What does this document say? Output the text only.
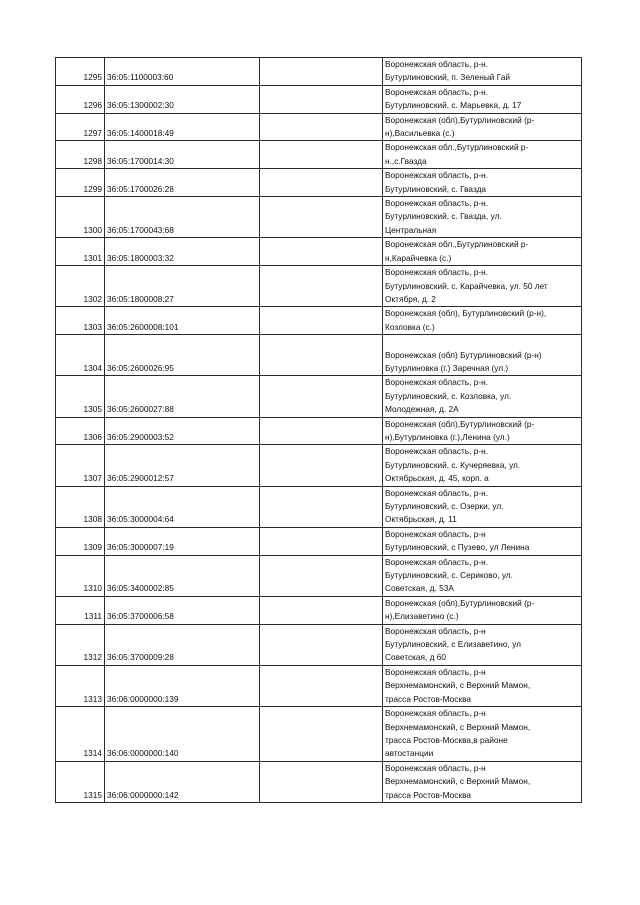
1295	36:05:1100003:60		Воронежская область, р-н.
Бутурлиновский, п. Зеленый Гай
1296	36:05:1300002:30		Воронежская область, р-н.
Бутурлиновский, с. Марьевка, д. 17
1297	36:05:1400018:49		Воронежская (обл),Бутурлиновский (р-
н),Васильевка (с.)
1298	36:05:1700014:30		Воронежская обл.,Бутурлиновский р-
н.,с.Гвазда
1299	36:05:1700026:28		Воронежская область, р-н.
Бутурлиновский, с. Гвазда
1300	36:05:1700043:68		Воронежская область, р-н.
Бутурлиновский, с. Гвазда, ул.
Центральная
1301	36:05:1800003:32		Воронежская обл.,Бутурлиновский р-
н,Карайчевка (с.)
1302	36:05:1800008:27		Воронежская область, р-н.
Бутурлиновский, с. Карайчевка, ул. 50 лет
Октября, д. 2
1303	36:05:2600008:101		Воронежская (обл), Бутурлиновский (р-н),
Козловка (с.)
1304	36:05:2600026:95		
Воронежская (обл) Бутурлиновский (р-н)
Бутурлиновка (г.) Заречная (ул.)
1305	36:05:2600027:88		Воронежская область, р-н.
Бутурлиновский, с. Козловка, ул.
Молодежная, д. 2А
1306	36:05:2900003:52		Воронежская (обл),Бутурлиновский (р-
н),Бутурлиновка (г.),Ленина (ул.)
1307	36:05:2900012:57		Воронежская область, р-н.
Бутурлиновский, с. Кучеряевка, ул.
Октябрьская, д. 45, корп. а
1308	36:05:3000004:64		Воронежская область, р-н.
Бутурлиновский, с. Озерки, ул.
Октябрьская, д. 11
1309	36:05:3000007:19		Воронежская область, р-н
Бутурлиновский, с Пузево, ул Ленина
1310	36:05:3400002:85		Воронежская область, р-н.
Бутурлиновский, с. Сериково, ул.
Советская, д. 53А
1311	36:05:3700006:58		Воронежская (обл),Бутурлиновский (р-
н),Елизаветино (с.)
1312	36:05:3700009:28		Воронежская область, р-н
Бутурлиновский, с Елизаветино, ул
Советская, д 60
1313	36:06:0000000:139		Воронежская область, р-н
Верхнемамонский, с Верхний Мамон,
трасса Ростов-Москва
1314	36:06:0000000:140		Воронежская область, р-н
Верхнемамонский, с Верхний Мамон,
трасса Ростов-Москва,в районе
автостанции
1315	36:06:0000000:142		Воронежская область, р-н
Верхнемамонский, с Верхний Мамон,
трасса Ростов-Москва
